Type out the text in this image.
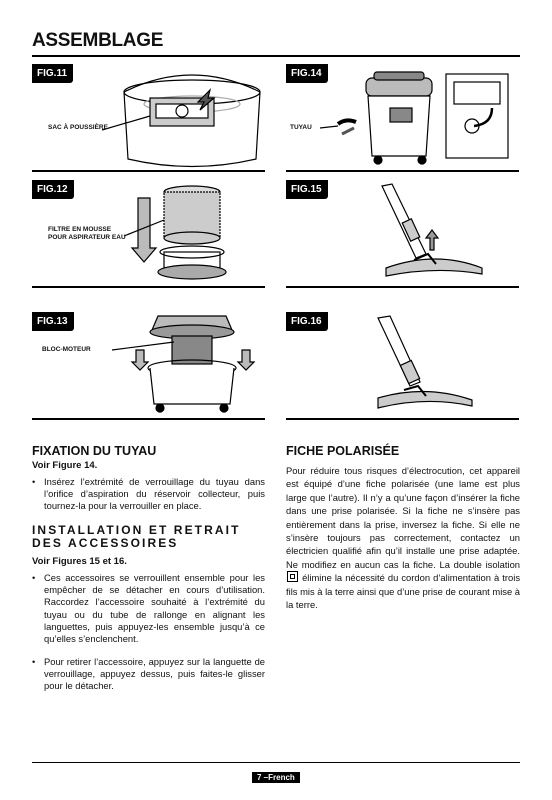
ASSEMBLAGE
FIG.11
SAC À POUSSIÈRE
FIG.14
TUYAU
FIG.12
FILTRE EN MOUSSE POUR ASPIRATEUR EAU
FIG.15
FIG.13
BLOC-MOTEUR
FIG.16
FIXATION DU TUYAU
Voir Figure 14.
• Insérez l’extrémité de verrouillage du tuyau dans l’orifice d’aspiration du réservoir collecteur, puis tournez-la pour la verrouiller en place.
INSTALLATION ET RETRAIT DES ACCESSOIRES
Voir Figures 15 et 16.
• Ces accessoires se verrouillent ensemble pour les empêcher de se détacher en cours d’utilisation. Raccordez l’accessoire souhaité à l’extrémité du tuyau ou du tube de rallonge en alignant les languettes, puis appuyez-les ensemble jusqu’à ce qu’elles s’enclenchent.
• Pour retirer l’accessoire, appuyez sur la languette de verrouillage, appuyez dessus, puis faites-le glisser pour le détacher.
FICHE POLARISÉE
Pour réduire tous risques d’électrocution, cet appareil est équipé d’une fiche polarisée (une lame est plus large que l’autre). Il n’y a qu’une façon d’insérer la fiche dans une prise polarisée. Si la fiche ne s’insère pas entièrement dans la prise, inversez la fiche. Si elle ne s’insère toujours pas correctement, contactez un électricien qualifié afin qu’il installe une prise adaptée. Ne modifiez en aucun cas la fiche. La double isolation  élimine la nécessité du cordon d’alimentation à trois fils mis à la terre ainsi que d’une prise de courant mise à la terre.
7 –French
